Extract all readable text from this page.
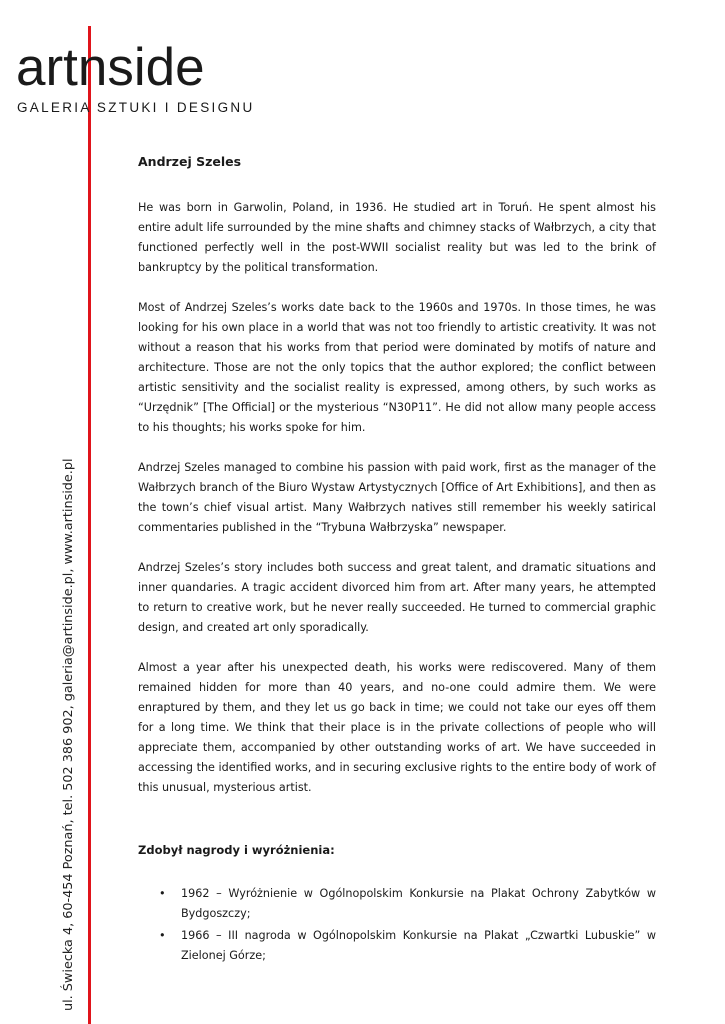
artnside
GALERIA SZTUKI I DESIGNU
ul. Świecka 4, 60-454 Poznań, tel. 502 386 902, galeria@artinside.pl, www.artinside.pl

Andrzej Szeles

He was born in Garwolin, Poland, in 1936. He studied art in Toruń. He spent almost his entire adult life surrounded by the mine shafts and chimney stacks of Wałbrzych, a city that functioned perfectly well in the post-WWII socialist reality but was led to the brink of bankruptcy by the political transformation.

Most of Andrzej Szeles’s works date back to the 1960s and 1970s. In those times, he was looking for his own place in a world that was not too friendly to artistic creativity. It was not without a reason that his works from that period were dominated by motifs of nature and architecture. Those are not the only topics that the author explored; the conflict between artistic sensitivity and the socialist reality is expressed, among others, by such works as “Urzędnik” [The Official] or the mysterious “N30P11”. He did not allow many people access to his thoughts; his works spoke for him.

Andrzej Szeles managed to combine his passion with paid work, first as the manager of the Wałbrzych branch of the Biuro Wystaw Artystycznych [Office of Art Exhibitions], and then as the town’s chief visual artist. Many Wałbrzych natives still remember his weekly satirical commentaries published in the “Trybuna Wałbrzyska” newspaper.

Andrzej Szeles’s story includes both success and great talent, and dramatic situations and inner quandaries. A tragic accident divorced him from art. After many years, he attempted to return to creative work, but he never really succeeded. He turned to commercial graphic design, and created art only sporadically.

Almost a year after his unexpected death, his works were rediscovered. Many of them remained hidden for more than 40 years, and no-one could admire them. We were enraptured by them, and they let us go back in time; we could not take our eyes off them for a long time. We think that their place is in the private collections of people who will appreciate them, accompanied by other outstanding works of art. We have succeeded in accessing the identified works, and in securing exclusive rights to the entire body of work of this unusual, mysterious artist.

Zdobył nagrody i wyróżnienia:

• 1962 – Wyróżnienie w Ogólnopolskim Konkursie na Plakat Ochrony Zabytków w Bydgoszczy;
• 1966 – III nagroda w Ogólnopolskim Konkursie na Plakat „Czwartki Lubuskie” w Zielonej Górze;
